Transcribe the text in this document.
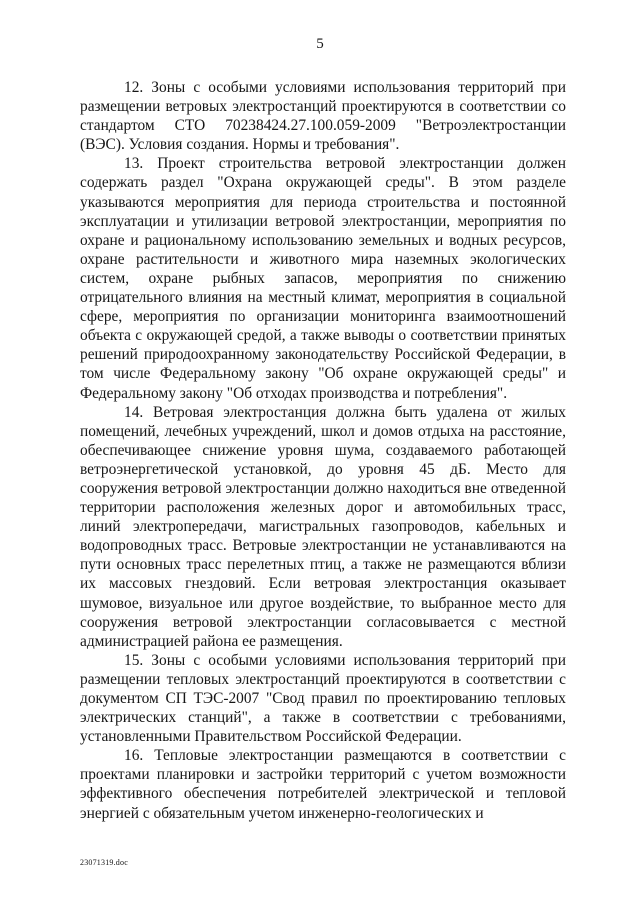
5

12. Зоны с особыми условиями использования территорий при размещении ветровых электростанций проектируются в соответствии со стандартом СТО 70238424.27.100.059-2009 "Ветроэлектростанции (ВЭС). Условия создания. Нормы и требования".

13. Проект строительства ветровой электростанции должен содержать раздел "Охрана окружающей среды". В этом разделе указываются мероприятия для периода строительства и постоянной эксплуатации и утилизации ветровой электростанции, мероприятия по охране и рациональному использованию земельных и водных ресурсов, охране растительности и животного мира наземных экологических систем, охране рыбных запасов, мероприятия по снижению отрицательного влияния на местный климат, мероприятия в социальной сфере, мероприятия по организации мониторинга взаимоотношений объекта с окружающей средой, а также выводы о соответствии принятых решений природоохранному законодательству Российской Федерации, в том числе Федеральному закону "Об охране окружающей среды" и Федеральному закону "Об отходах производства и потребления".

14. Ветровая электростанция должна быть удалена от жилых помещений, лечебных учреждений, школ и домов отдыха на расстояние, обеспечивающее снижение уровня шума, создаваемого работающей ветроэнергетической установкой, до уровня 45 дБ. Место для сооружения ветровой электростанции должно находиться вне отведенной территории расположения железных дорог и автомобильных трасс, линий электропередачи, магистральных газопроводов, кабельных и водопроводных трасс. Ветровые электростанции не устанавливаются на пути основных трасс перелетных птиц, а также не размещаются вблизи их массовых гнездовий. Если ветровая электростанция оказывает шумовое, визуальное или другое воздействие, то выбранное место для сооружения ветровой электростанции согласовывается с местной администрацией района ее размещения.

15. Зоны с особыми условиями использования территорий при размещении тепловых электростанций проектируются в соответствии с документом СП ТЭС-2007 "Свод правил по проектированию тепловых электрических станций", а также в соответствии с требованиями, установленными Правительством Российской Федерации.

16. Тепловые электростанции размещаются в соответствии с проектами планировки и застройки территорий с учетом возможности эффективного обеспечения потребителей электрической и тепловой энергией с обязательным учетом инженерно-геологических и

23071319.doc
